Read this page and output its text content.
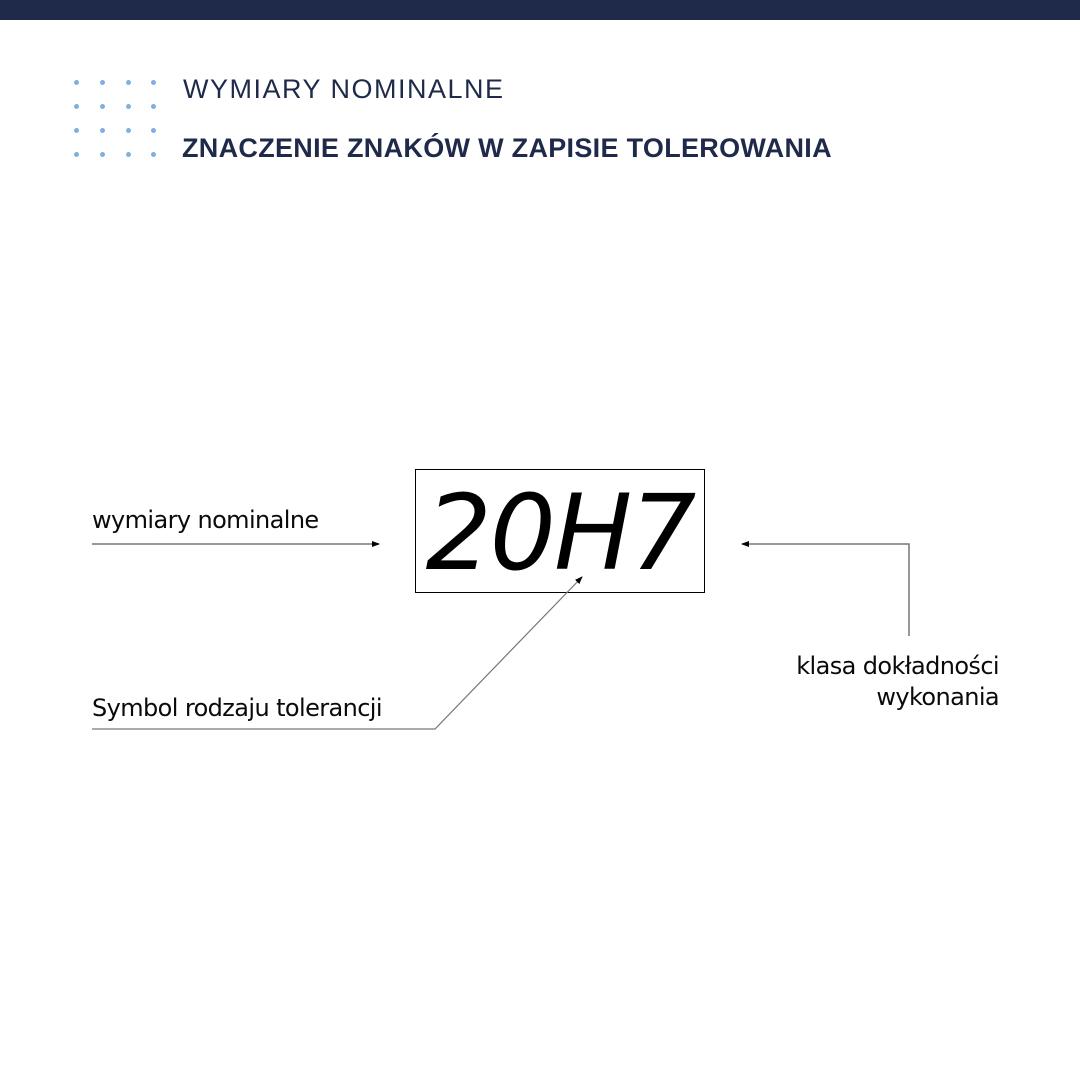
WYMIARY NOMINALNE
ZNACZENIE ZNAKÓW W ZAPISIE TOLEROWANIA
20H7
wymiary nominalne
Symbol rodzaju tolerancji
klasa dokładności
wykonania
